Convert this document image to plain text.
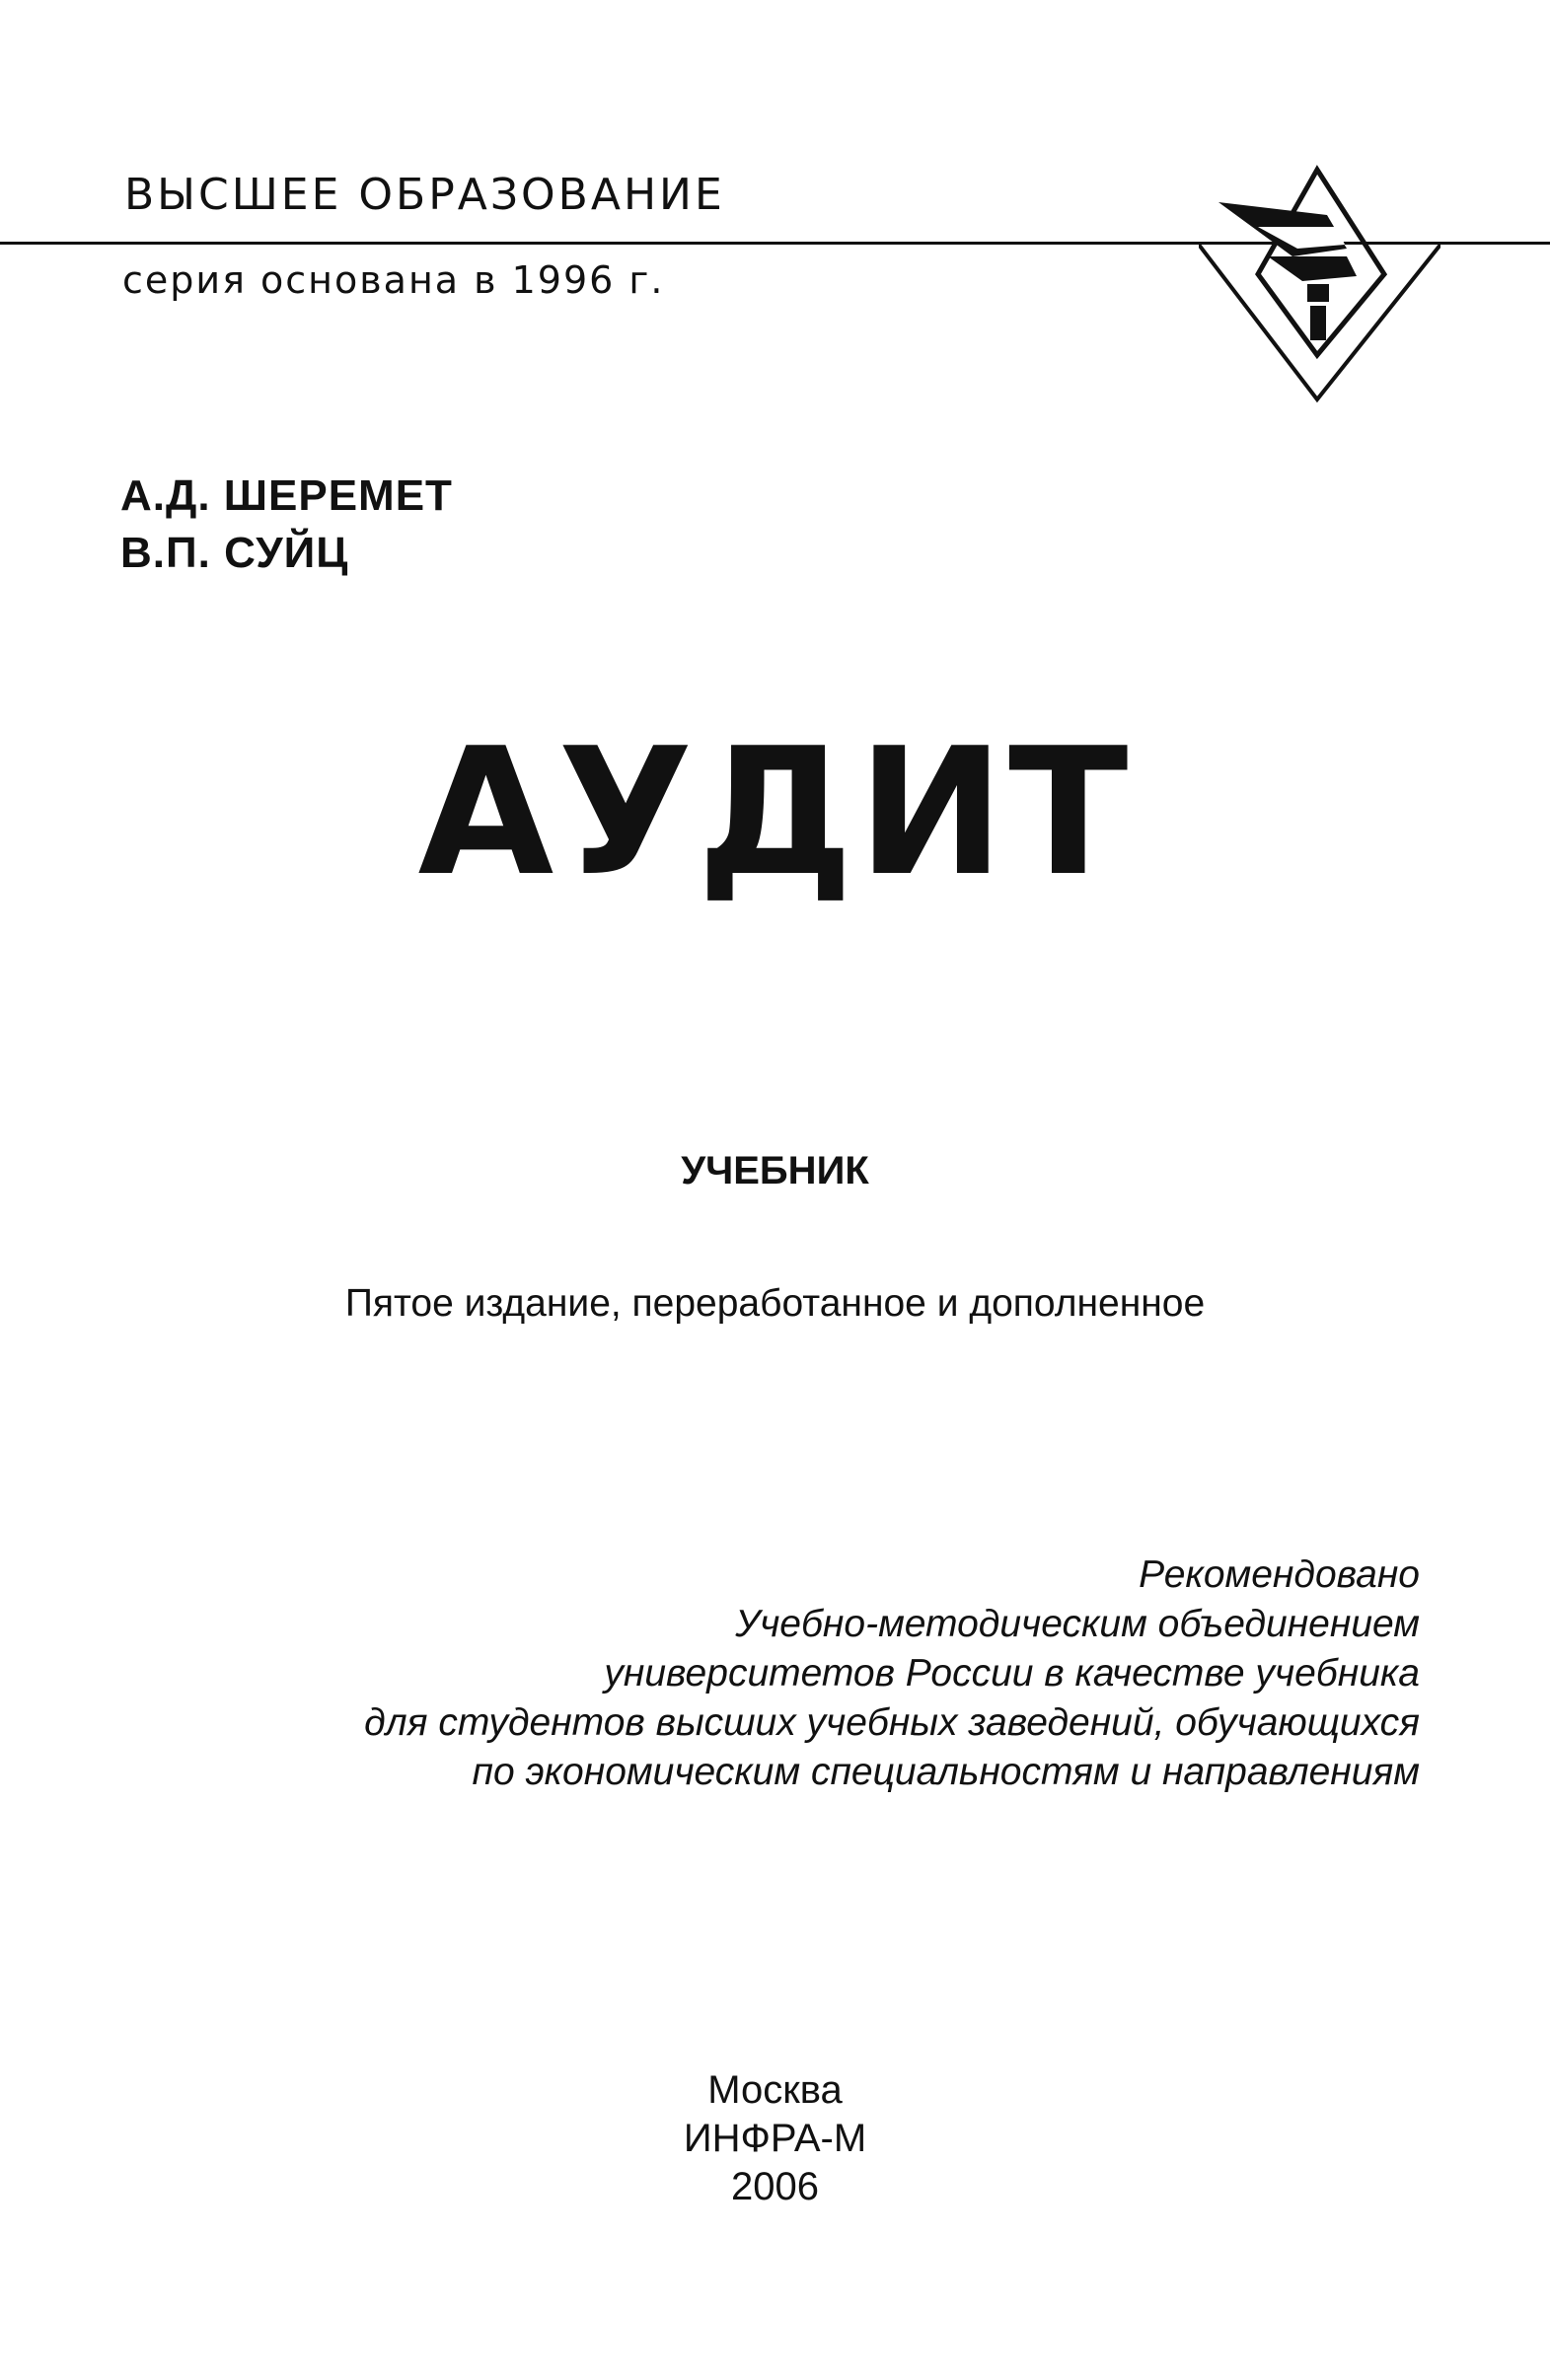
ВЫСШЕЕ ОБРАЗОВАНИЕ
серия основана в 1996 г.
А.Д. ШЕРЕМЕТ
В.П. СУЙЦ
АУДИТ
УЧЕБНИК
Пятое издание, переработанное и дополненное
Рекомендовано
Учебно-методическим объединением
университетов России в качестве учебника
для студентов высших учебных заведений, обучающихся
по экономическим специальностям и направлениям
Москва
ИНФРА-М
2006
